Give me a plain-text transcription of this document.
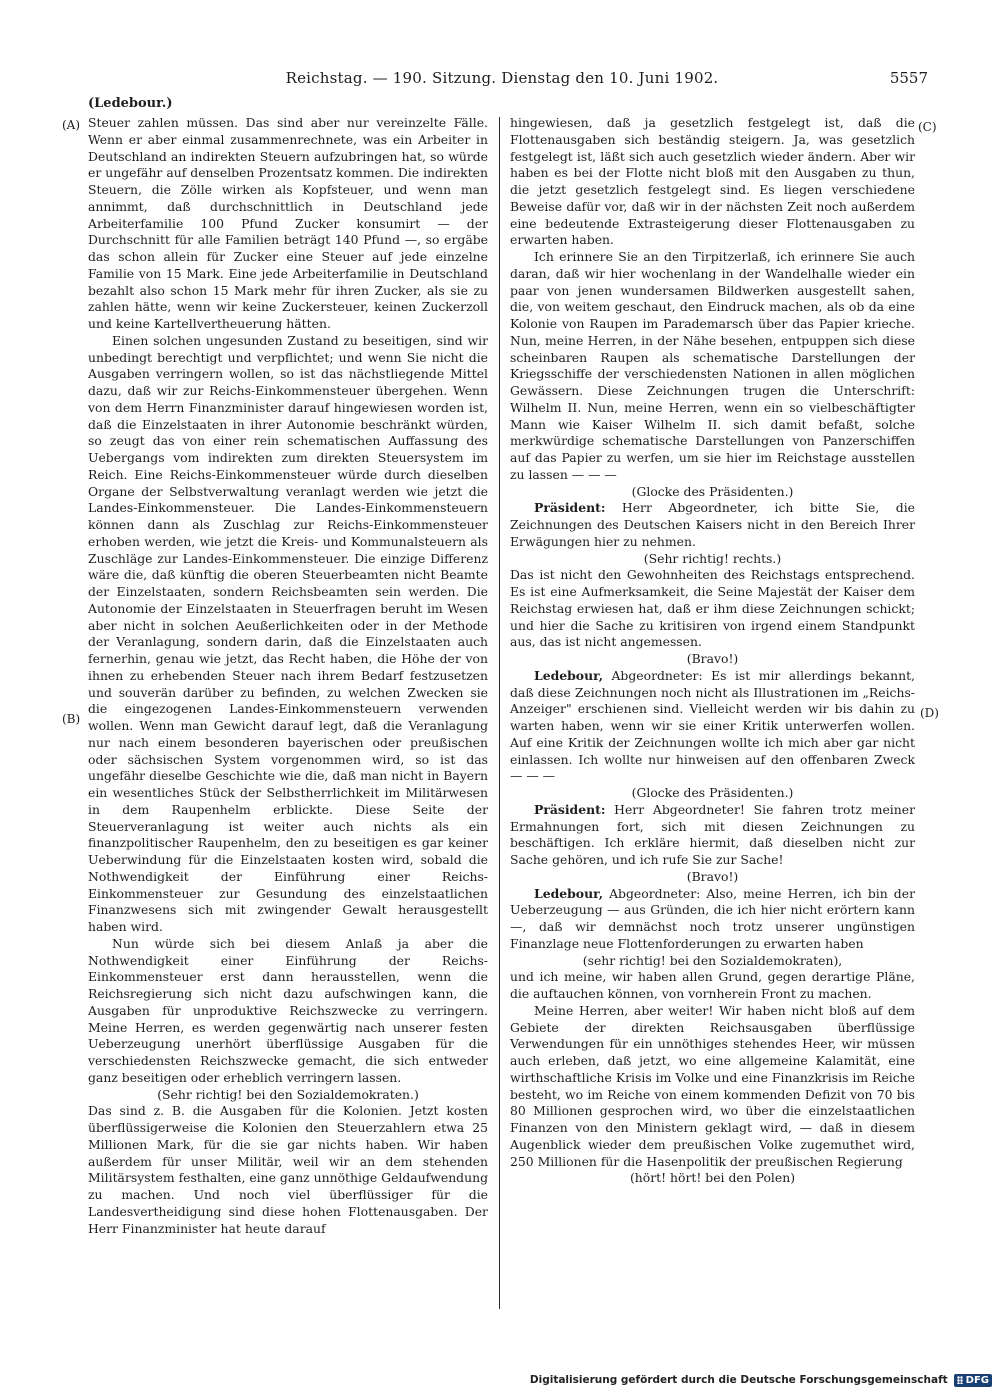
Reichstag. — 190. Sitzung. Dienstag den 10. Juni 1902.	5557
(Ledebour.)
(A)
(B)
(C)
(D)

Steuer zahlen müssen. Das sind aber nur vereinzelte Fälle. Wenn er aber einmal zusammenrechnete, was ein Arbeiter in Deutschland an indirekten Steuern aufzubringen hat, so würde er ungefähr auf denselben Prozentsatz kommen. Die indirekten Steuern, die Zölle wirken als Kopfsteuer, und wenn man annimmt, daß durchschnittlich in Deutschland jede Arbeiterfamilie 100 Pfund Zucker konsumirt — der Durchschnitt für alle Familien beträgt 140 Pfund —, so ergäbe das schon allein für Zucker eine Steuer auf jede einzelne Familie von 15 Mark. Eine jede Arbeiterfamilie in Deutschland bezahlt also schon 15 Mark mehr für ihren Zucker, als sie zu zahlen hätte, wenn wir keine Zuckersteuer, keinen Zuckerzoll und keine Kartellvertheuerung hätten.

Einen solchen ungesunden Zustand zu beseitigen, sind wir unbedingt berechtigt und verpflichtet; und wenn Sie nicht die Ausgaben verringern wollen, so ist das nächstliegende Mittel dazu, daß wir zur Reichs-Einkommensteuer übergehen. Wenn von dem Herrn Finanzminister darauf hingewiesen worden ist, daß die Einzelstaaten in ihrer Autonomie beschränkt würden, so zeugt das von einer rein schematischen Auffassung des Uebergangs vom indirekten zum direkten Steuersystem im Reich. Eine Reichs-Einkommensteuer würde durch dieselben Organe der Selbstverwaltung veranlagt werden wie jetzt die Landes-Einkommensteuer. Die Landes-Einkommensteuern können dann als Zuschlag zur Reichs-Einkommensteuer erhoben werden, wie jetzt die Kreis- und Kommunalsteuern als Zuschläge zur Landes-Einkommensteuer. Die einzige Differenz wäre die, daß künftig die oberen Steuerbeamten nicht Beamte der Einzelstaaten, sondern Reichsbeamten sein werden. Die Autonomie der Einzelstaaten in Steuerfragen beruht im Wesen aber nicht in solchen Aeußerlichkeiten oder in der Methode der Veranlagung, sondern darin, daß die Einzelstaaten auch fernerhin, genau wie jetzt, das Recht haben, die Höhe der von ihnen zu erhebenden Steuer nach ihrem Bedarf festzusetzen und souverän darüber zu befinden, zu welchen Zwecken sie die eingezogenen Landes-Einkommensteuern verwenden wollen. Wenn man Gewicht darauf legt, daß die Veranlagung nur nach einem besonderen bayerischen oder preußischen oder sächsischen System vorgenommen wird, so ist das ungefähr dieselbe Geschichte wie die, daß man nicht in Bayern ein wesentliches Stück der Selbstherrlichkeit im Militärwesen in dem Raupenhelm erblickte. Diese Seite der Steuerveranlagung ist weiter auch nichts als ein finanzpolitischer Raupenhelm, den zu beseitigen es gar keiner Ueberwindung für die Einzelstaaten kosten wird, sobald die Nothwendigkeit der Einführung einer Reichs-Einkommensteuer zur Gesundung des einzelstaatlichen Finanzwesens sich mit zwingender Gewalt herausgestellt haben wird.

Nun würde sich bei diesem Anlaß ja aber die Nothwendigkeit einer Einführung der Reichs-Einkommensteuer erst dann herausstellen, wenn die Reichsregierung sich nicht dazu aufschwingen kann, die Ausgaben für unproduktive Reichszwecke zu verringern. Meine Herren, es werden gegenwärtig nach unserer festen Ueberzeugung unerhört überflüssige Ausgaben für die verschiedensten Reichszwecke gemacht, die sich entweder ganz beseitigen oder erheblich verringern lassen.

(Sehr richtig! bei den Sozialdemokraten.)

Das sind z. B. die Ausgaben für die Kolonien. Jetzt kosten überflüssigerweise die Kolonien den Steuerzahlern etwa 25 Millionen Mark, für die sie gar nichts haben. Wir haben außerdem für unser Militär, weil wir an dem stehenden Militärsystem festhalten, eine ganz unnöthige Geldaufwendung zu machen. Und noch viel überflüssiger für die Landesvertheidigung sind diese hohen Flottenausgaben. Der Herr Finanzminister hat heute darauf

hingewiesen, daß ja gesetzlich festgelegt ist, daß die Flottenausgaben sich beständig steigern. Ja, was gesetzlich festgelegt ist, läßt sich auch gesetzlich wieder ändern. Aber wir haben es bei der Flotte nicht bloß mit den Ausgaben zu thun, die jetzt gesetzlich festgelegt sind. Es liegen verschiedene Beweise dafür vor, daß wir in der nächsten Zeit noch außerdem eine bedeutende Extrasteigerung dieser Flottenausgaben zu erwarten haben.

Ich erinnere Sie an den Tirpitzerlaß, ich erinnere Sie auch daran, daß wir hier wochenlang in der Wandelhalle wieder ein paar von jenen wundersamen Bildwerken ausgestellt sahen, die, von weitem geschaut, den Eindruck machen, als ob da eine Kolonie von Raupen im Parademarsch über das Papier krieche. Nun, meine Herren, in der Nähe besehen, entpuppen sich diese scheinbaren Raupen als schematische Darstellungen der Kriegsschiffe der verschiedensten Nationen in allen möglichen Gewässern. Diese Zeichnungen trugen die Unterschrift: Wilhelm II. Nun, meine Herren, wenn ein so vielbeschäftigter Mann wie Kaiser Wilhelm II. sich damit befaßt, solche merkwürdige schematische Darstellungen von Panzerschiffen auf das Papier zu werfen, um sie hier im Reichstage ausstellen zu lassen — — —

(Glocke des Präsidenten.)

Präsident: Herr Abgeordneter, ich bitte Sie, die Zeichnungen des Deutschen Kaisers nicht in den Bereich Ihrer Erwägungen hier zu nehmen.

(Sehr richtig! rechts.)

Das ist nicht den Gewohnheiten des Reichstags entsprechend. Es ist eine Aufmerksamkeit, die Seine Majestät der Kaiser dem Reichstag erwiesen hat, daß er ihm diese Zeichnungen schickt; und hier die Sache zu kritisiren von irgend einem Standpunkt aus, das ist nicht angemessen.

(Bravo!)

Ledebour, Abgeordneter: Es ist mir allerdings bekannt, daß diese Zeichnungen noch nicht als Illustrationen im „Reichs-Anzeiger" erschienen sind. Vielleicht werden wir bis dahin zu warten haben, wenn wir sie einer Kritik unterwerfen wollen. Auf eine Kritik der Zeichnungen wollte ich mich aber gar nicht einlassen. Ich wollte nur hinweisen auf den offenbaren Zweck — — —

(Glocke des Präsidenten.)

Präsident: Herr Abgeordneter! Sie fahren trotz meiner Ermahnungen fort, sich mit diesen Zeichnungen zu beschäftigen. Ich erkläre hiermit, daß dieselben nicht zur Sache gehören, und ich rufe Sie zur Sache!

(Bravo!)

Ledebour, Abgeordneter: Also, meine Herren, ich bin der Ueberzeugung — aus Gründen, die ich hier nicht erörtern kann —, daß wir demnächst noch trotz unserer ungünstigen Finanzlage neue Flottenforderungen zu erwarten haben

(sehr richtig! bei den Sozialdemokraten),

und ich meine, wir haben allen Grund, gegen derartige Pläne, die auftauchen können, von vornherein Front zu machen.

Meine Herren, aber weiter! Wir haben nicht bloß auf dem Gebiete der direkten Reichsausgaben überflüssige Verwendungen für ein unnöthiges stehendes Heer, wir müssen auch erleben, daß jetzt, wo eine allgemeine Kalamität, eine wirthschaftliche Krisis im Volke und eine Finanzkrisis im Reiche besteht, wo im Reiche von einem kommenden Defizit von 70 bis 80 Millionen gesprochen wird, wo über die einzelstaatlichen Finanzen von den Ministern geklagt wird, — daß in diesem Augenblick wieder dem preußischen Volke zugemuthet wird, 250 Millionen für die Hasenpolitik der preußischen Regierung

(hört! hört! bei den Polen)

Digitalisierung gefördert durch die Deutsche Forschungsgemeinschaft DFG
